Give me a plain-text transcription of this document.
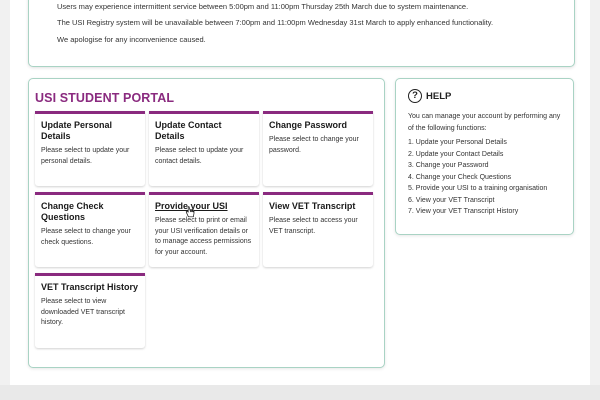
Users may experience intermittent service between 5:00pm and 11:00pm Thursday 25th March due to system maintenance.

The USI Registry system will be unavailable between 7:00pm and 11:00pm Wednesday 31st March to apply enhanced functionality.

We apologise for any inconvenience caused.

USI STUDENT PORTAL
Update Personal Details

Please select to update your personal details.

Update Contact Details

Please select to update your contact details.

Change Password

Please select to change your password.

Change Check Questions

Please select to change your check questions.

Provide your USI

Please select to print or email your USI verification details or to manage access permissions for your account.

View VET Transcript

Please select to access your VET transcript.

VET Transcript History

Please select to view downloaded VET transcript history.

? HELP

You can manage your account by performing any of the following functions:

1. Update your Personal Details
2. Update your Contact Details
3. Change your Password
4. Change your Check Questions
5. Provide your USI to a training organisation
6. View your VET Transcript
7. View your VET Transcript History
